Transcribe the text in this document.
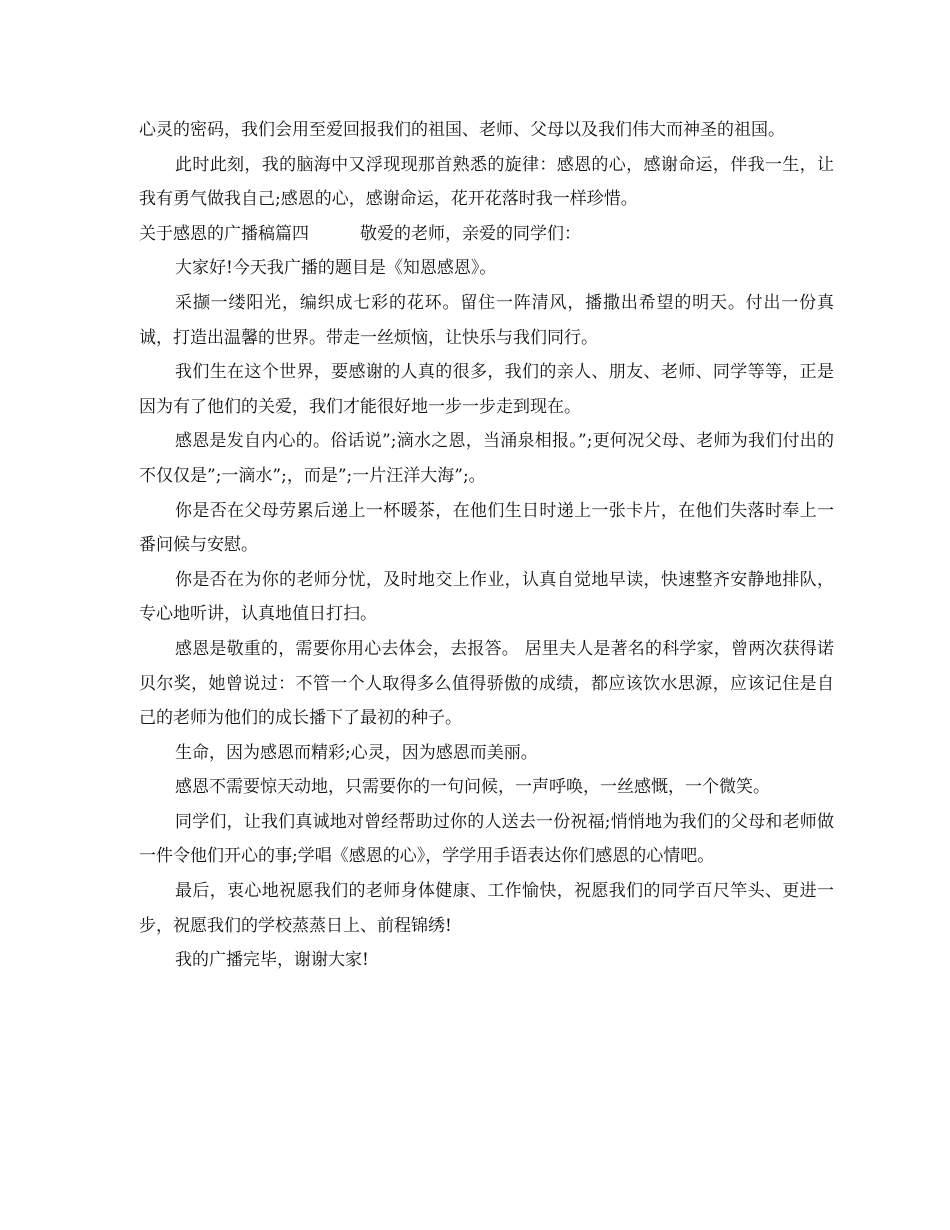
心灵的密码，我们会用至爱回报我们的祖国、老师、父母以及我们伟大而神圣的祖国。

此时此刻，我的脑海中又浮现现那首熟悉的旋律：感恩的心，感谢命运，伴我一生，让我有勇气做我自己;感恩的心，感谢命运，花开花落时我一样珍惜。

关于感恩的广播稿篇四　　　敬爱的老师，亲爱的同学们：

大家好!今天我广播的题目是《知恩感恩》。

采撷一缕阳光，编织成七彩的花环。留住一阵清风，播撒出希望的明天。付出一份真诚，打造出温馨的世界。带走一丝烦恼，让快乐与我们同行。

我们生在这个世界，要感谢的人真的很多，我们的亲人、朋友、老师、同学等等，正是因为有了他们的关爱，我们才能很好地一步一步走到现在。

感恩是发自内心的。俗话说”;滴水之恩，当涌泉相报。”;更何况父母、老师为我们付出的不仅仅是”;一滴水”;，而是”;一片汪洋大海”;。

你是否在父母劳累后递上一杯暖茶，在他们生日时递上一张卡片，在他们失落时奉上一番问候与安慰。

你是否在为你的老师分忧，及时地交上作业，认真自觉地早读，快速整齐安静地排队，专心地听讲，认真地值日打扫。

感恩是敬重的，需要你用心去体会，去报答。 居里夫人是著名的科学家，曾两次获得诺贝尔奖，她曾说过：不管一个人取得多么值得骄傲的成绩，都应该饮水思源，应该记住是自己的老师为他们的成长播下了最初的种子。

生命，因为感恩而精彩;心灵，因为感恩而美丽。

感恩不需要惊天动地，只需要你的一句问候，一声呼唤，一丝感慨，一个微笑。

同学们，让我们真诚地对曾经帮助过你的人送去一份祝福;悄悄地为我们的父母和老师做一件令他们开心的事;学唱《感恩的心》，学学用手语表达你们感恩的心情吧。

最后，衷心地祝愿我们的老师身体健康、工作愉快，祝愿我们的同学百尺竿头、更进一步，祝愿我们的学校蒸蒸日上、前程锦绣!

我的广播完毕，谢谢大家!
